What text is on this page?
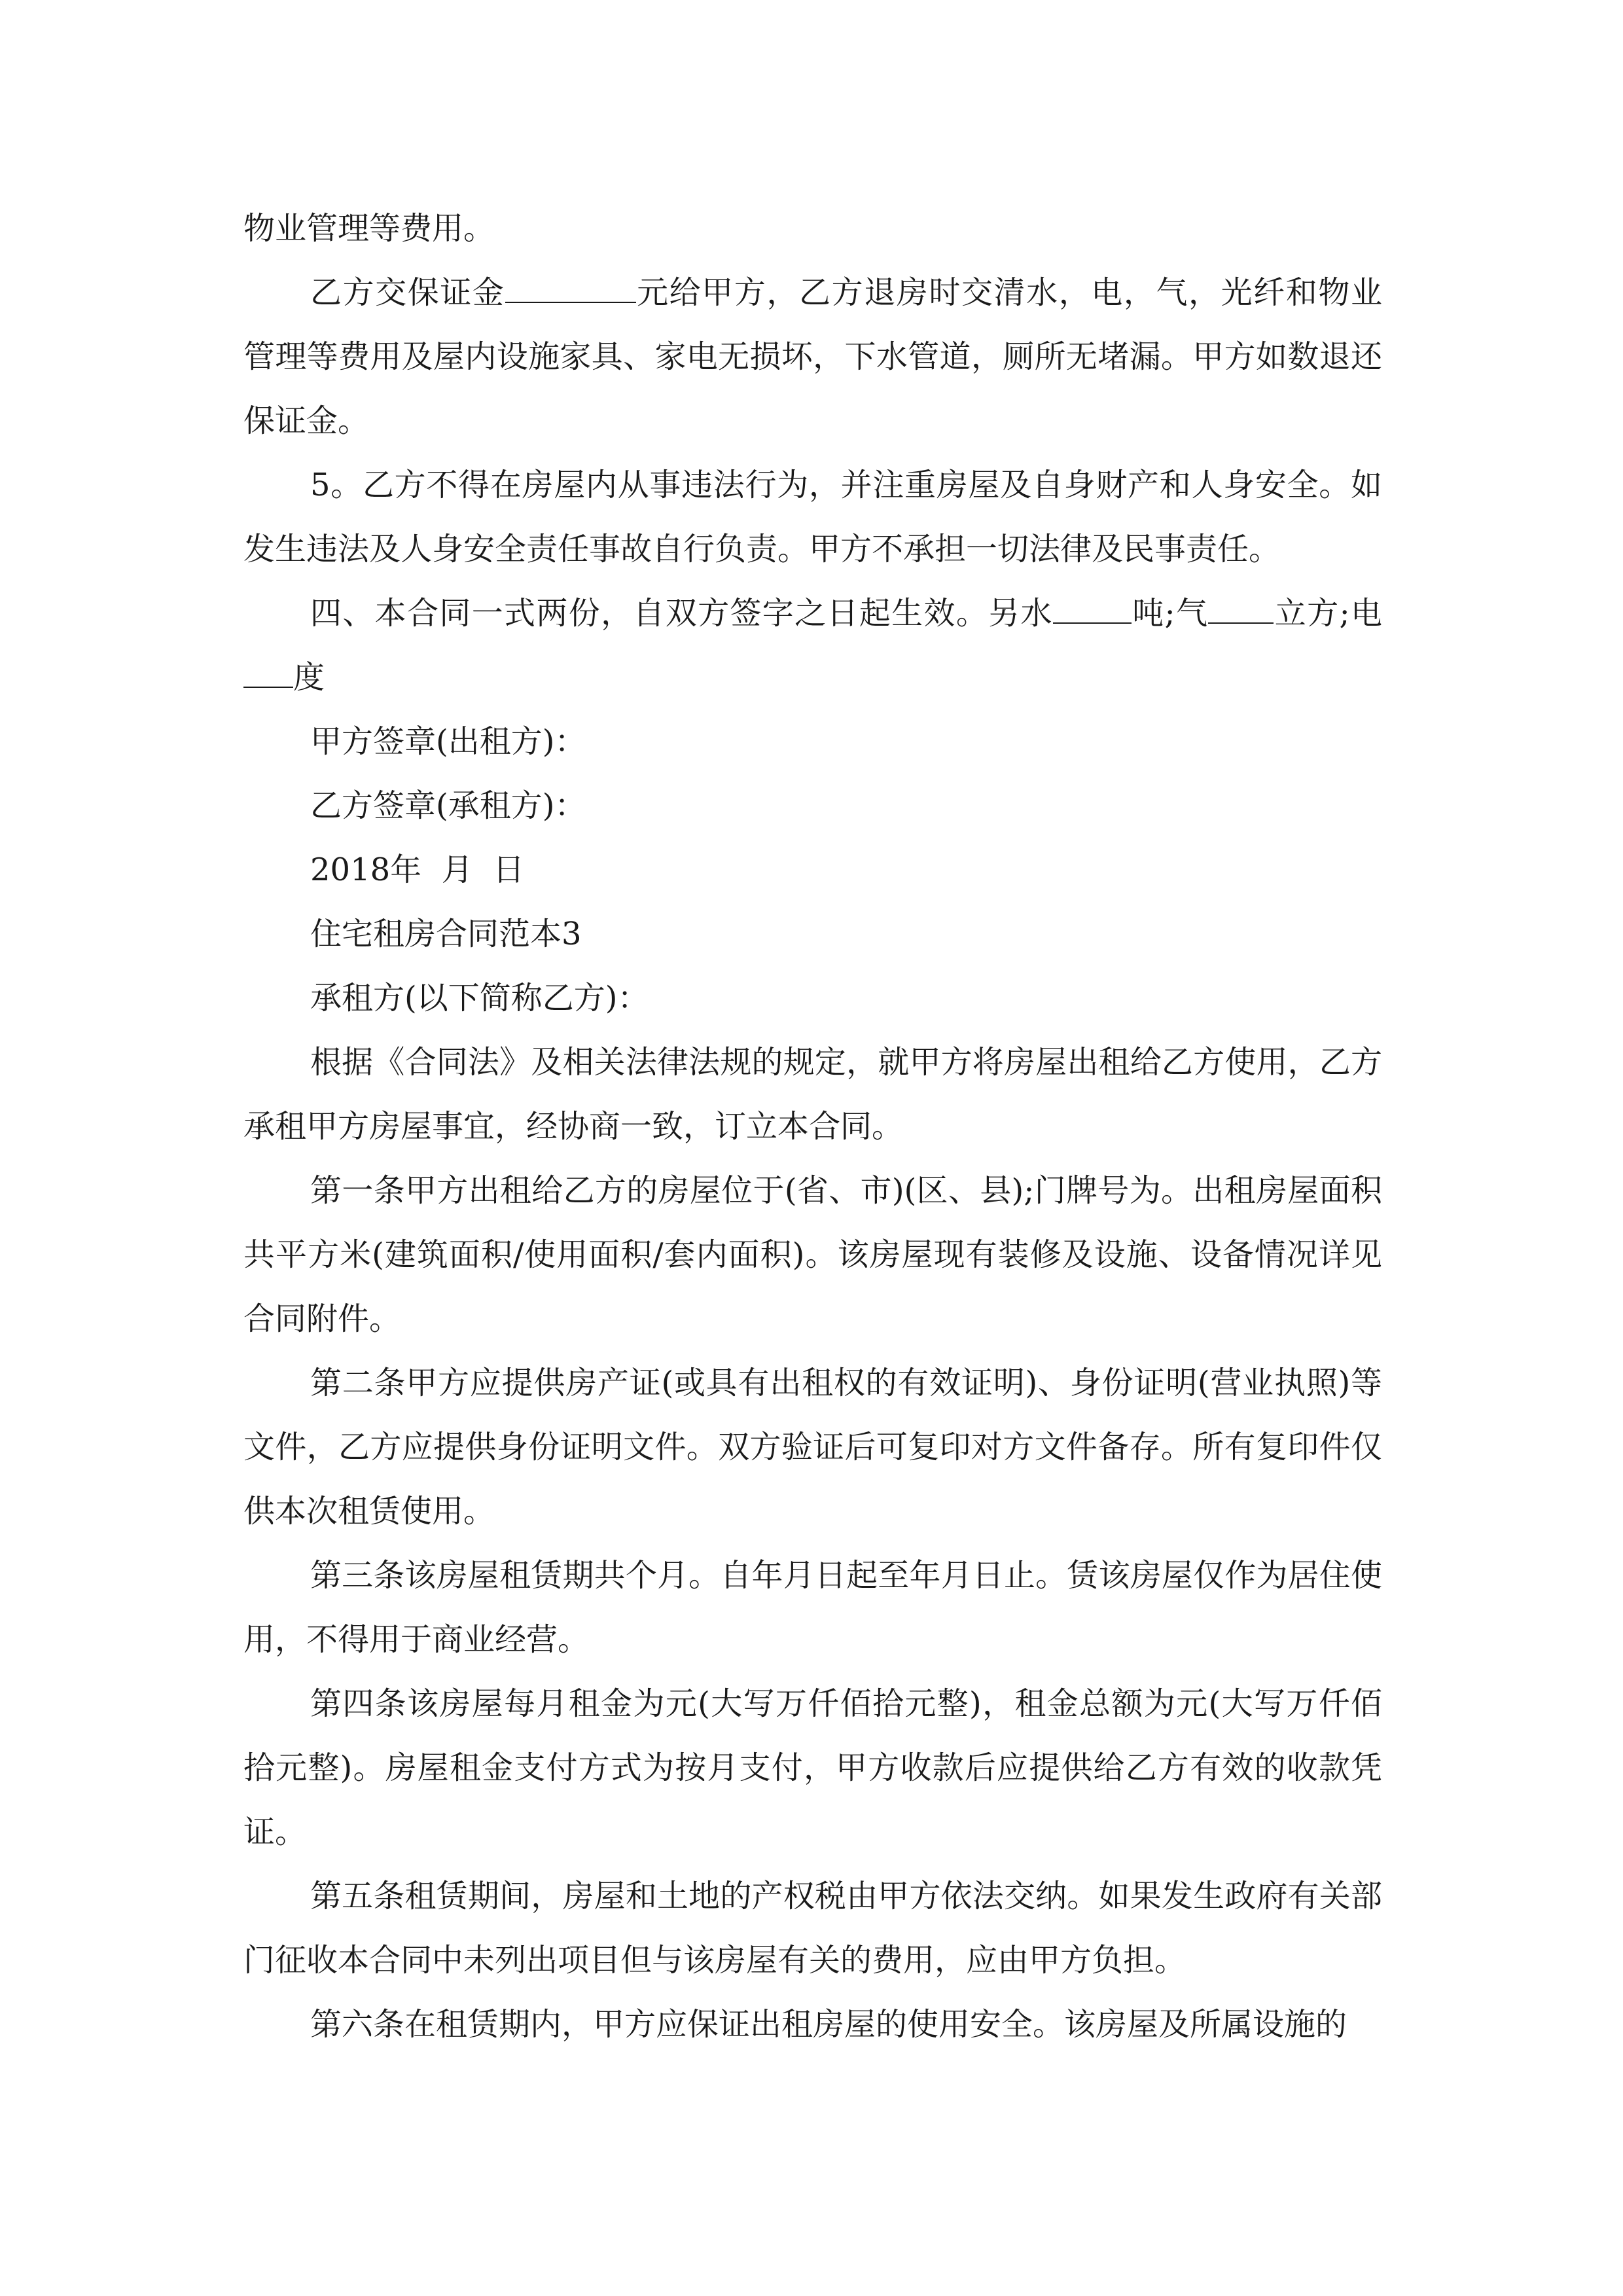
物业管理等费用。

乙方交保证金	元给甲方，乙方退房时交清水，电，气，光纤和物业管理等费用及屋内设施家具、家电无损坏，下水管道，厕所无堵漏。甲方如数退还保证金。

5。乙方不得在房屋内从事违法行为，并注重房屋及自身财产和人身安全。如发生违法及人身安全责任事故自行负责。甲方不承担一切法律及民事责任。

四、本合同一式两份，自双方签字之日起生效。另水	吨;气 立方;电度

甲方签章(出租方)：

乙方签章(承租方)：

2018年  月  日

住宅租房合同范本3

承租方(以下简称乙方)：

根据《合同法》及相关法律法规的规定，就甲方将房屋出租给乙方使用，乙方承租甲方房屋事宜，经协商一致，订立本合同。

第一条甲方出租给乙方的房屋位于(省、市)(区、县);门牌号为。出租房屋面积共平方米(建筑面积/使用面积/套内面积)。该房屋现有装修及设施、设备情况详见合同附件。

第二条甲方应提供房产证(或具有出租权的有效证明)、身份证明(营业执照)等文件，乙方应提供身份证明文件。双方验证后可复印对方文件备存。所有复印件仅供本次租赁使用。

第三条该房屋租赁期共个月。自年月日起至年月日止。赁该房屋仅作为居住使用，不得用于商业经营。

第四条该房屋每月租金为元(大写万仟佰拾元整)，租金总额为元(大写万仟佰拾元整)。房屋租金支付方式为按月支付，甲方收款后应提供给乙方有效的收款凭证。

第五条租赁期间，房屋和土地的产权税由甲方依法交纳。如果发生政府有关部门征收本合同中未列出项目但与该房屋有关的费用，应由甲方负担。

第六条在租赁期内，甲方应保证出租房屋的使用安全。该房屋及所属设施的
